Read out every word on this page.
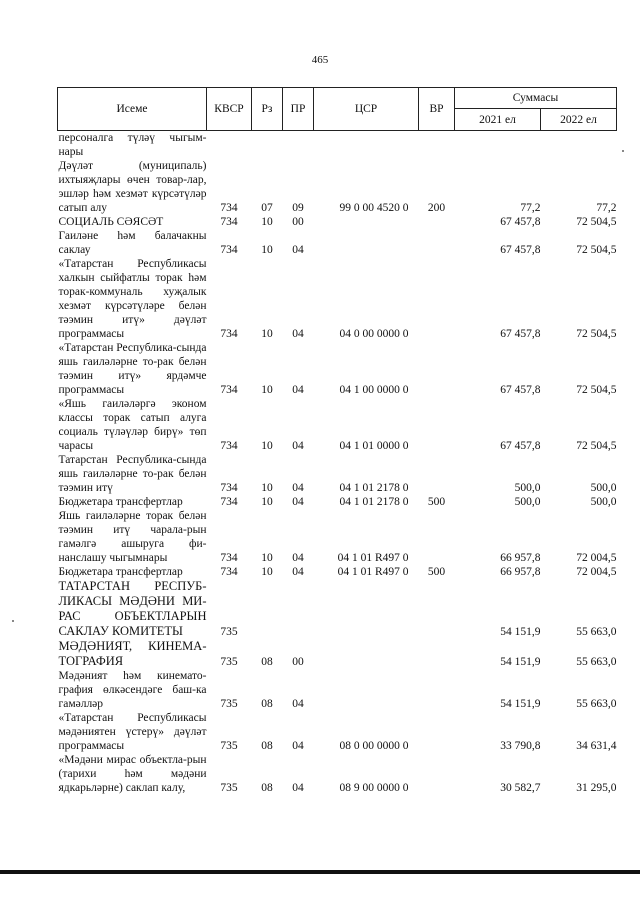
465
Исеме	КВСР	Рз	ПР	ЦСР	ВР	Суммасы	
						2021 ел	2022 ел
персоналга түләү чыгым-нары							
Дәүләт (муниципаль) ихтыяҗлары өчен товар-лар, эшләр һәм хезмәт күрсәтүләр сатып алу	734	07	09	99 0 00 4520 0	200	77,2	77,2
СОЦИАЛЬ СӘЯСӘТ	734	10	00			67 457,8	72 504,5
Гаиләне һәм балачакны саклау	734	10	04			67 457,8	72 504,5
«Татарстан Республикасы халкын сыйфатлы торак һәм торак-коммуналь хуҗалык хезмәт күрсәтүләре белән тәэмин итү» дәүләт программасы	734	10	04	04 0 00 0000 0		67 457,8	72 504,5
«Татарстан Республика-сында яшь гаиләләрне то-рак белән тәэмин итү» ярдәмче программасы	734	10	04	04 1 00 0000 0		67 457,8	72 504,5
«Яшь гаиләләргә эконом классы торак сатып алуга социаль түләүләр бирү» төп чарасы	734	10	04	04 1 01 0000 0		67 457,8	72 504,5
Татарстан Республика-сында яшь гаиләләрне то-рак белән тәэмин итү	734	10	04	04 1 01 2178 0		500,0	500,0
Бюджетара трансфертлар	734	10	04	04 1 01 2178 0	500	500,0	500,0
Яшь гаиләләрне торак белән тәэмин итү чарала-рын гамәлгә ашыруга фи-нанслашу чыгымнары	734	10	04	04 1 01 R497 0		66 957,8	72 004,5
Бюджетара трансфертлар	734	10	04	04 1 01 R497 0	500	66 957,8	72 004,5
ТАТАРСТАН РЕСПУБ-ЛИКАСЫ МӘДӘНИ МИ-РАС ОБЪЕКТЛАРЫН САКЛАУ КОМИТЕТЫ	735					54 151,9	55 663,0
МӘДӘНИЯТ, КИНЕМА-ТОГРАФИЯ	735	08	00			54 151,9	55 663,0
Мәдәният һәм кинемато-графия өлкәсендәге баш-ка гамәлләр	735	08	04			54 151,9	55 663,0
«Татарстан Республикасы мәдәниятен үстерү» дәүләт программасы	735	08	04	08 0 00 0000 0		33 790,8	34 631,4
«Мәдәни мирас объектла-рын (тарихи һәм мәдәни ядкарьләрне) саклап калу,	735	08	04	08 9 00 0000 0		30 582,7	31 295,0
